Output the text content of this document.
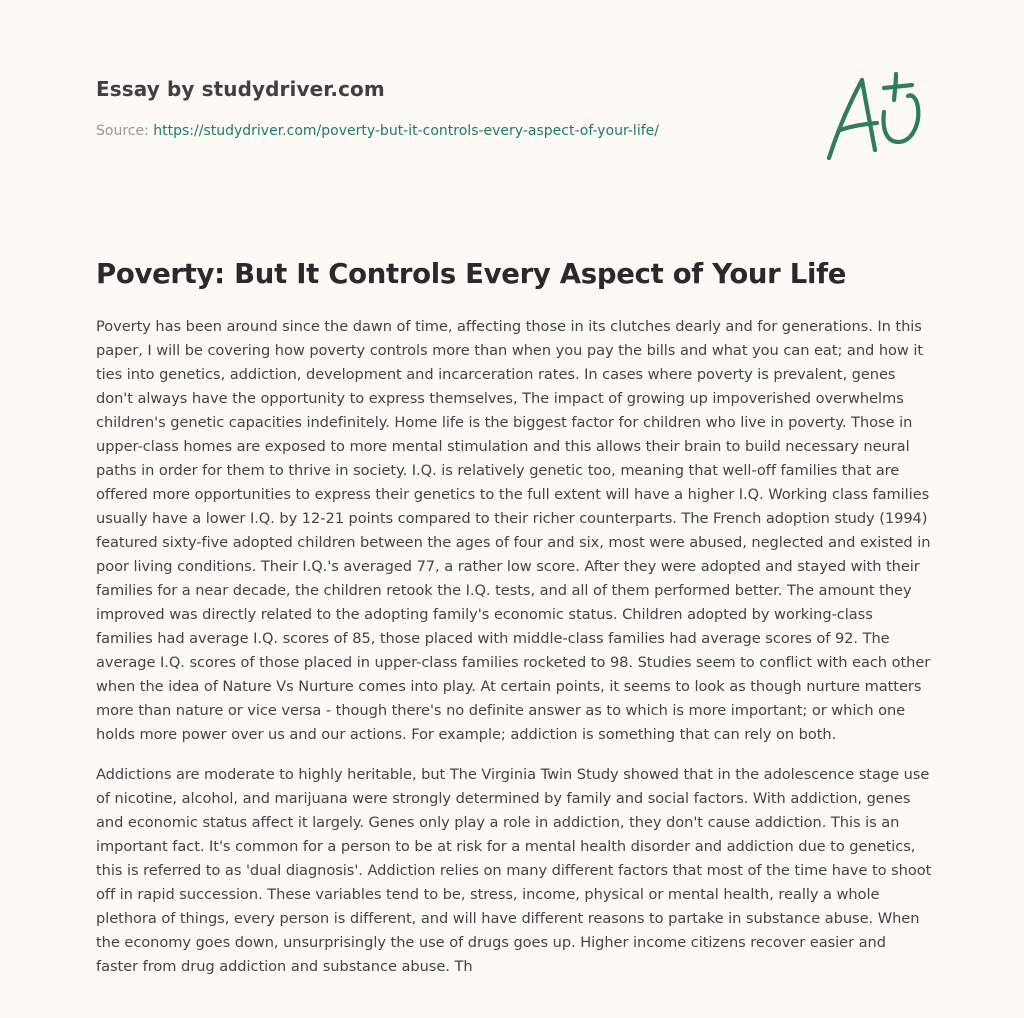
Essay by studydriver.com
Source: https://studydriver.com/poverty-but-it-controls-every-aspect-of-your-life/
Poverty: But It Controls Every Aspect of Your Life

Poverty has been around since the dawn of time, affecting those in its clutches dearly and for generations. In this paper, I will be covering how poverty controls more than when you pay the bills and what you can eat; and how it ties into genetics, addiction, development and incarceration rates. In cases where poverty is prevalent, genes don't always have the opportunity to express themselves, The impact of growing up impoverished overwhelms children's genetic capacities indefinitely. Home life is the biggest factor for children who live in poverty. Those in upper-class homes are exposed to more mental stimulation and this allows their brain to build necessary neural paths in order for them to thrive in society. I.Q. is relatively genetic too, meaning that well-off families that are offered more opportunities to express their genetics to the full extent will have a higher I.Q. Working class families usually have a lower I.Q. by 12-21 points compared to their richer counterparts. The French adoption study (1994) featured sixty-five adopted children between the ages of four and six, most were abused, neglected and existed in poor living conditions. Their I.Q.'s averaged 77, a rather low score. After they were adopted and stayed with their families for a near decade, the children retook the I.Q. tests, and all of them performed better. The amount they improved was directly related to the adopting family's economic status. Children adopted by working-class families had average I.Q. scores of 85, those placed with middle-class families had average scores of 92. The average I.Q. scores of those placed in upper-class families rocketed to 98. Studies seem to conflict with each other when the idea of Nature Vs Nurture comes into play. At certain points, it seems to look as though nurture matters more than nature or vice versa - though there's no definite answer as to which is more important; or which one holds more power over us and our actions. For example; addiction is something that can rely on both.

Addictions are moderate to highly heritable, but The Virginia Twin Study showed that in the adolescence stage use of nicotine, alcohol, and marijuana were strongly determined by family and social factors. With addiction, genes and economic status affect it largely. Genes only play a role in addiction, they don't cause addiction. This is an important fact. It's common for a person to be at risk for a mental health disorder and addiction due to genetics, this is referred to as 'dual diagnosis'. Addiction relies on many different factors that most of the time have to shoot off in rapid succession. These variables tend to be, stress, income, physical or mental health, really a whole plethora of things, every person is different, and will have different reasons to partake in substance abuse. When the economy goes down, unsurprisingly the use of drugs goes up. Higher income citizens recover easier and faster from drug addiction and substance abuse. Th
